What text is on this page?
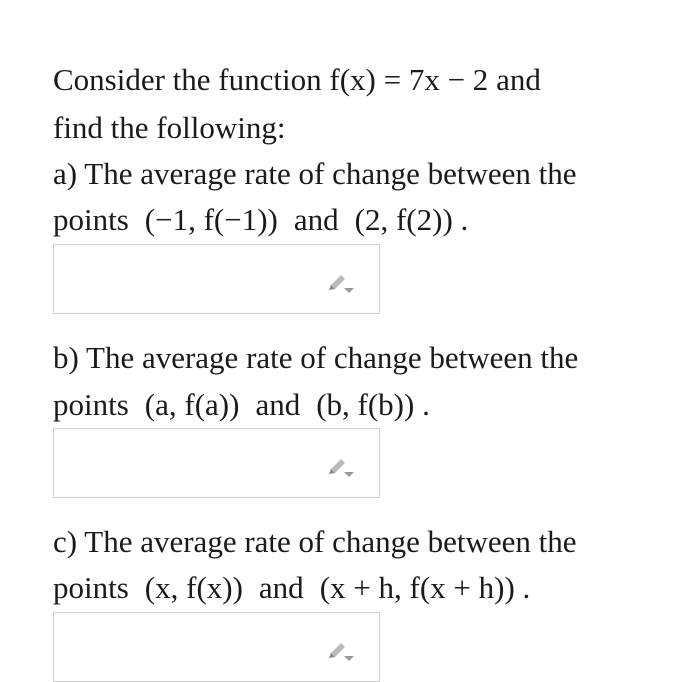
Consider the function f(x) = 7x − 2 and

find the following:

a) The average rate of change between the

points (−1, f(−1)) and (2, f(2)) .

b) The average rate of change between the

points (a, f(a)) and (b, f(b)) .

c) The average rate of change between the

points (x, f(x)) and (x + h, f(x + h)) .
